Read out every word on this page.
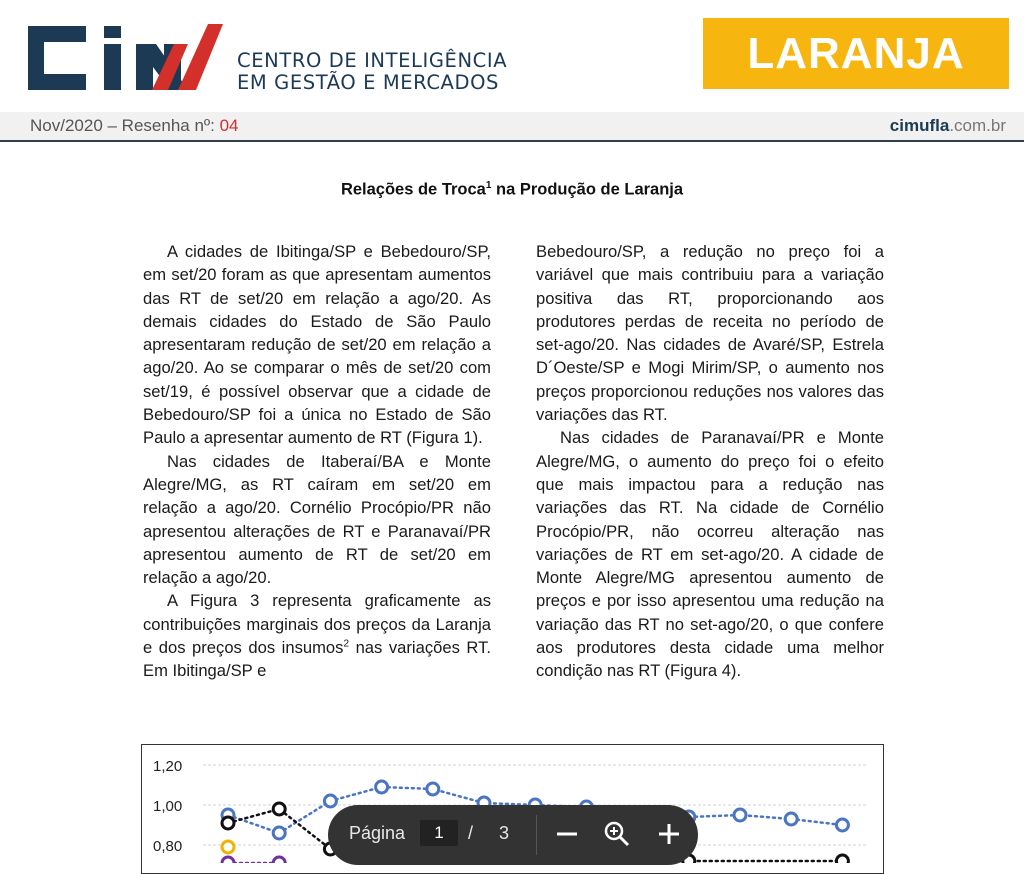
CENTRO DE INTELIGÊNCIA
EM GESTÃO E MERCADOS
LARANJA
Nov/2020 – Resenha nº: 04	cimufla.com.br
Relações de Troca$^1$ na Produção de Laranja

A cidades de Ibitinga/SP e Bebedouro/SP, em set/20 foram as que apresentam aumentos das RT de set/20 em relação a ago/20. As demais cidades do Estado de São Paulo apresentaram redução de set/20 em relação a ago/20. Ao se comparar o mês de set/20 com set/19, é possível observar que a cidade de Bebedouro/SP foi a única no Estado de São Paulo a apresentar aumento de RT (Figura 1).

Nas cidades de Itaberaí/BA e Monte Alegre/MG, as RT caíram em set/20 em relação a ago/20. Cornélio Procópio/PR não apresentou alterações de RT e Paranavaí/PR apresentou aumento de RT de set/20 em relação a ago/20.

A Figura 3 representa graficamente as contribuições marginais dos preços da Laranja e dos preços dos insumos$^2$ nas variações RT. Em Ibitinga/SP e

Bebedouro/SP, a redução no preço foi a variável que mais contribuiu para a variação positiva das RT, proporcionando aos produtores perdas de receita no período de set-ago/20. Nas cidades de Avaré/SP, Estrela D´Oeste/SP e Mogi Mirim/SP, o aumento nos preços proporcionou reduções nos valores das variações das RT.

Nas cidades de Paranavaí/PR e Monte Alegre/MG, o aumento do preço foi o efeito que mais impactou para a redução nas variações das RT. Na cidade de Cornélio Procópio/PR, não ocorreu alteração nas variações de RT em set-ago/20. A cidade de Monte Alegre/MG apresentou aumento de preços e por isso apresentou uma redução na variação das RT no set-ago/20, o que confere aos produtores desta cidade uma melhor condição nas RT (Figura 4).

1,20
1,00
0,80
Página	1	/ 3
